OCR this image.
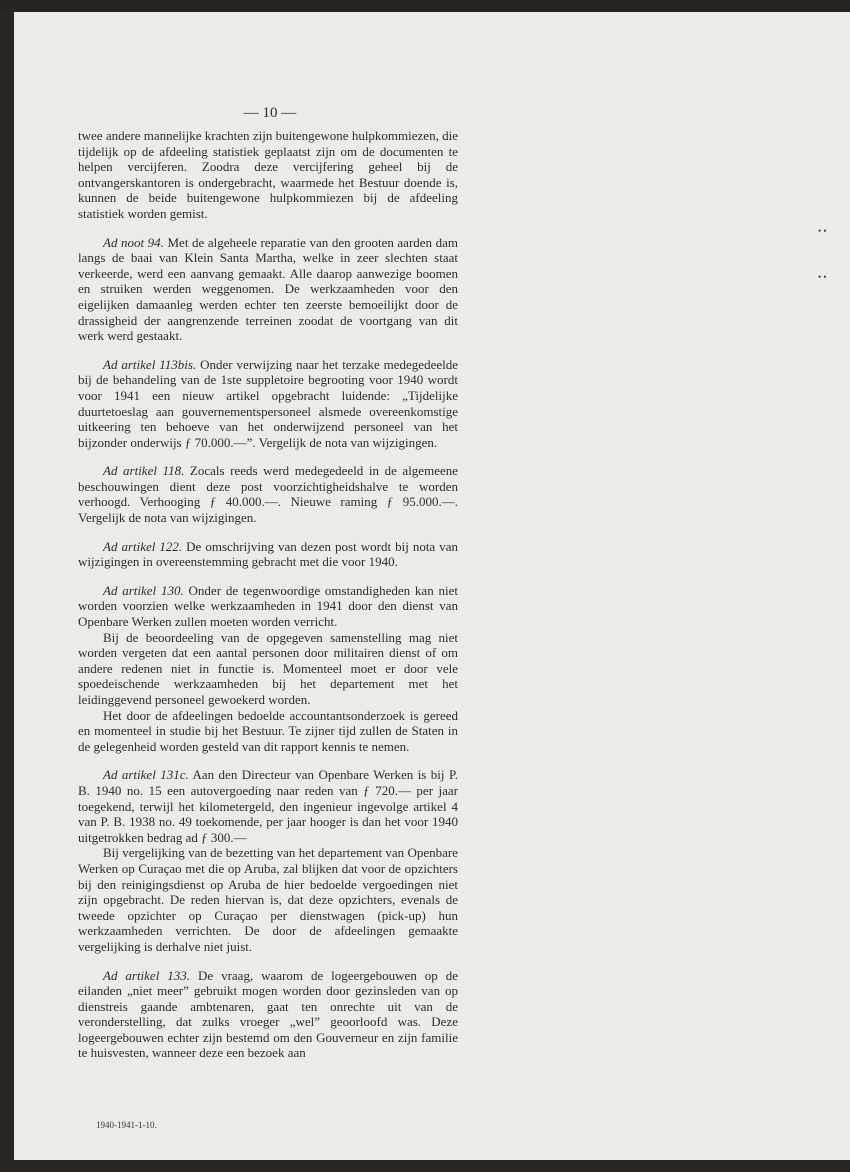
— 10 —

twee andere mannelijke krachten zijn buitengewone hulpkommiezen, die tijdelijk op de afdeeling statistiek geplaatst zijn om de documenten te helpen vercijferen. Zoodra deze vercijfering geheel bij de ontvangerskantoren is ondergebracht, waarmede het Bestuur doende is, kunnen de beide buitengewone hulpkommiezen bij de afdeeling statistiek worden gemist.

Ad noot 94. Met de algeheele reparatie van den grooten aarden dam langs de baai van Klein Santa Martha, welke in zeer slechten staat verkeerde, werd een aanvang gemaakt. Alle daarop aanwezige boomen en struiken werden weggenomen. De werkzaamheden voor den eigelijken damaanleg werden echter ten zeerste bemoeilijkt door de drassigheid der aangrenzende terreinen zoodat de voortgang van dit werk werd gestaakt.

Ad artikel 113bis. Onder verwijzing naar het terzake medegedeelde bij de behandeling van de 1ste suppletoire begrooting voor 1940 wordt voor 1941 een nieuw artikel opgebracht luidende: „Tijdelijke duurtetoeslag aan gouvernementspersoneel alsmede overeenkomstige uitkeering ten behoeve van het onderwijzend personeel van het bijzonder onderwijs ƒ 70.000.—”. Vergelijk de nota van wijzigingen.

Ad artikel 118. Zocals reeds werd medegedeeld in de algemeene beschouwingen dient deze post voorzichtigheidshalve te worden verhoogd. Verhooging ƒ 40.000.—. Nieuwe raming ƒ 95.000.—. Vergelijk de nota van wijzigingen.

Ad artikel 122. De omschrijving van dezen post wordt bij nota van wijzigingen in overeenstemming gebracht met die voor 1940.

Ad artikel 130. Onder de tegenwoordige omstandigheden kan niet worden voorzien welke werkzaamheden in 1941 door den dienst van Openbare Werken zullen moeten worden verricht.

Bij de beoordeeling van de opgegeven samenstelling mag niet worden vergeten dat een aantal personen door militairen dienst of om andere redenen niet in functie is. Momenteel moet er door vele spoedeischende werkzaamheden bij het departement met het leidinggevend personeel gewoekerd worden.

Het door de afdeelingen bedoelde accountantsonderzoek is gereed en momenteel in studie bij het Bestuur. Te zijner tijd zullen de Staten in de gelegenheid worden gesteld van dit rapport kennis te nemen.

Ad artikel 131c. Aan den Directeur van Openbare Werken is bij P. B. 1940 no. 15 een autovergoeding naar reden van ƒ 720.— per jaar toegekend, terwijl het kilometergeld, den ingenieur ingevolge artikel 4 van P. B. 1938 no. 49 toekomende, per jaar hooger is dan het voor 1940 uitgetrokken bedrag ad ƒ 300.—

Bij vergelijking van de bezetting van het departement van Openbare Werken op Curaçao met die op Aruba, zal blijken dat voor de opzichters bij den reinigingsdienst op Aruba de hier bedoelde vergoedingen niet zijn opgebracht. De reden hiervan is, dat deze opzichters, evenals de tweede opzichter op Curaçao per dienstwagen (pick-up) hun werkzaamheden verrichten. De door de afdeelingen gemaakte vergelijking is derhalve niet juist.

Ad artikel 133. De vraag, waarom de logeergebouwen op de eilanden „niet meer” gebruikt mogen worden door gezinsleden van op dienstreis gaande ambtenaren, gaat ten onrechte uit van de veronderstelling, dat zulks vroeger „wel” geoorloofd was. Deze logeergebouwen echter zijn bestemd om den Gouverneur en zijn familie te huisvesten, wanneer deze een bezoek aan

• •
• •
1940-1941-1-10.
